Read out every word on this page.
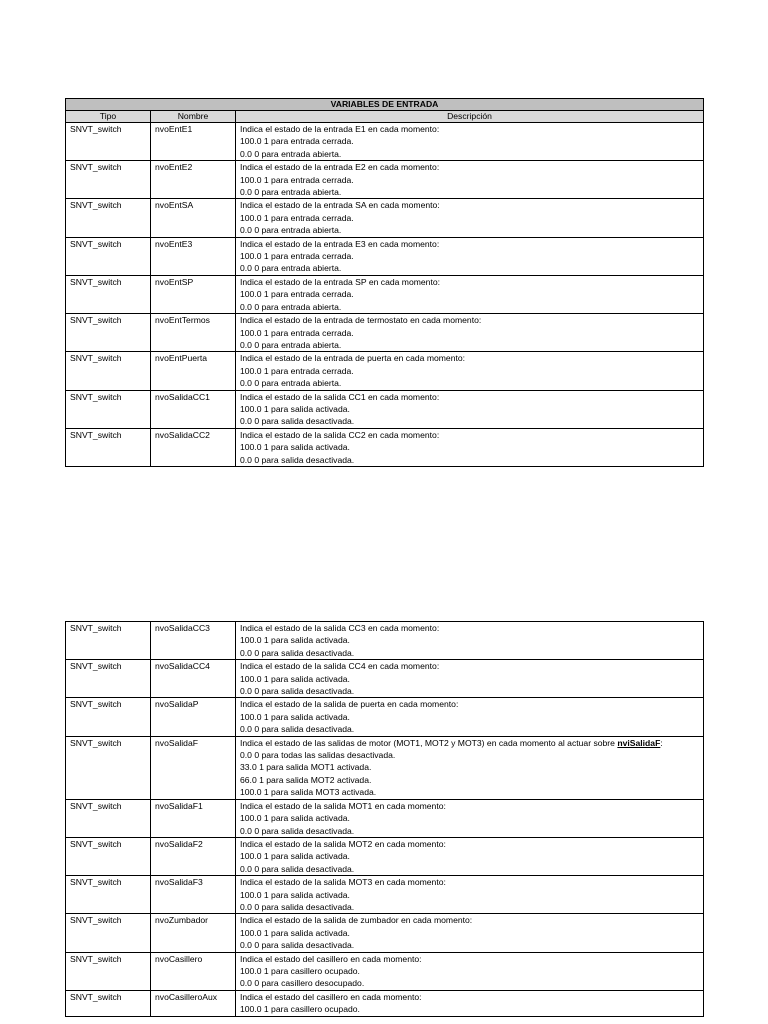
VARIABLES DE ENTRADA		
Tipo	Nombre	Descripción
SNVT_switch	nvoEntE1	Indica el estado de la entrada E1 en cada momento:
100.0 1 para entrada cerrada.
0.0 0 para entrada abierta.

SNVT_switch	nvoEntE2	Indica el estado de la entrada E2 en cada momento:
100.0 1 para entrada cerrada.
0.0 0 para entrada abierta.

SNVT_switch	nvoEntSA	Indica el estado de la entrada SA en cada momento:
100.0 1 para entrada cerrada.
0.0 0 para entrada abierta.

SNVT_switch	nvoEntE3	Indica el estado de la entrada E3 en cada momento:
100.0 1 para entrada cerrada.
0.0 0 para entrada abierta.

SNVT_switch	nvoEntSP	Indica el estado de la entrada SP en cada momento:
100.0 1 para entrada cerrada.
0.0 0 para entrada abierta.

SNVT_switch	nvoEntTermos	Indica el estado de la entrada de termostato en cada momento:
100.0 1 para entrada cerrada.
0.0 0 para entrada abierta.

SNVT_switch	nvoEntPuerta	Indica el estado de la entrada de puerta en cada momento:
100.0 1 para entrada cerrada.
0.0 0 para entrada abierta.

SNVT_switch	nvoSalidaCC1	Indica el estado de la salida CC1 en cada momento:
100.0 1 para salida activada.
0.0 0 para salida desactivada.

SNVT_switch	nvoSalidaCC2	Indica el estado de la salida CC2 en cada momento:
100.0 1 para salida activada.
0.0 0 para salida desactivada.
SNVT_switch	nvoSalidaCC3	Indica el estado de la salida CC3 en cada momento:
100.0 1 para salida activada.
0.0 0 para salida desactivada.

SNVT_switch	nvoSalidaCC4	Indica el estado de la salida CC4 en cada momento:
100.0 1 para salida activada.
0.0 0 para salida desactivada.

SNVT_switch	nvoSalidaP	Indica el estado de la salida de puerta en cada momento:
100.0 1 para salida activada.
0.0 0 para salida desactivada.

SNVT_switch	nvoSalidaF	Indica el estado de las salidas de motor (MOT1, MOT2 y MOT3) en cada momento al actuar sobre nviSalidaF:
0.0 0 para todas las salidas desactivada.
33.0 1 para salida MOT1 activada.
66.0 1 para salida MOT2 activada.
100.0 1 para salida MOT3 activada.

SNVT_switch	nvoSalidaF1	Indica el estado de la salida MOT1 en cada momento:
100.0 1 para salida activada.
0.0 0 para salida desactivada.

SNVT_switch	nvoSalidaF2	Indica el estado de la salida MOT2 en cada momento:
100.0 1 para salida activada.
0.0 0 para salida desactivada.

SNVT_switch	nvoSalidaF3	Indica el estado de la salida MOT3 en cada momento:
100.0 1 para salida activada.
0.0 0 para salida desactivada.

SNVT_switch	nvoZumbador	Indica el estado de la salida de zumbador en cada momento:
100.0 1 para salida activada.
0.0 0 para salida desactivada.

SNVT_switch	nvoCasillero	Indica el estado del casillero en cada momento:
100.0 1 para casillero ocupado.
0.0 0 para casillero desocupado.

SNVT_switch	nvoCasilleroAux	Indica el estado del casillero en cada momento:
100.0 1 para casillero ocupado.
